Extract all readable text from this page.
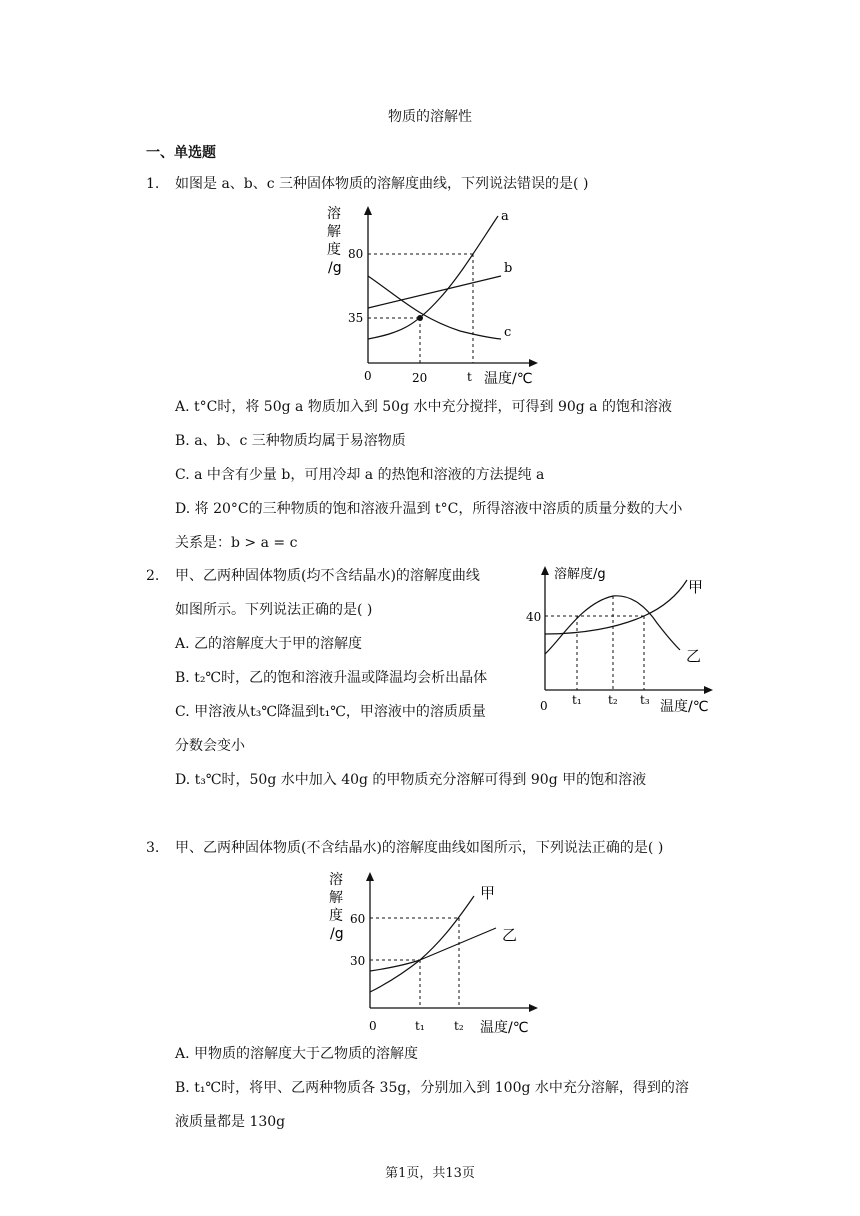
物质的溶解性
一、单选题
1. 如图是 a、b、c 三种固体物质的溶解度曲线，下列说法错误的是( )
溶
解
度
/g
80
35
0	20	t 温度/℃
a
b
c
A. t°C时，将 50g a 物质加入到 50g 水中充分搅拌，可得到 90g a 的饱和溶液
B. a、b、c 三种物质均属于易溶物质
C. a 中含有少量 b，可用冷却 a 的热饱和溶液的方法提纯 a
D. 将 20°C的三种物质的饱和溶液升温到 t°C，所得溶液中溶质的质量分数的大小
关系是：b > a = c
2. 甲、乙两种固体物质(均不含结晶水)的溶解度曲线
如图所示。下列说法正确的是( )
A. 乙的溶解度大于甲的溶解度
B. t₂℃时，乙的饱和溶液升温或降温均会析出晶体
C. 甲溶液从t₃℃降温到t₁℃，甲溶液中的溶质质量
分数会变小
D. t₃℃时，50g 水中加入 40g 的甲物质充分溶解可得到 90g 甲的饱和溶液
溶解度/g
40
0 t₁ t₂ t₃ 温度/℃
甲
乙
3. 甲、乙两种固体物质(不含结晶水)的溶解度曲线如图所示，下列说法正确的是( )
溶
解
度
/g
60
30
0	t₁ t₂ 温度/℃
甲
乙
A. 甲物质的溶解度大于乙物质的溶解度
B. t₁℃时，将甲、乙两种物质各 35g，分别加入到 100g 水中充分溶解，得到的溶
液质量都是 130g
第1页，共13页
